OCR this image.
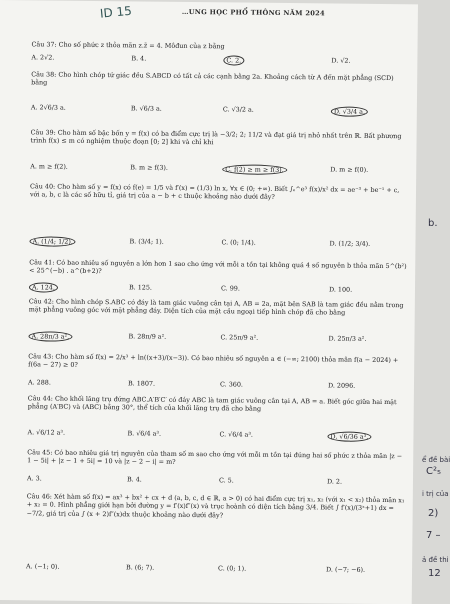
ID 15	…UNG HỌC PHỔ THÔNG NĂM 2024
Câu 37: Cho số phức z thỏa mãn z.z̄ = 4. Môđun của z bằng
A. 2√2.	B. 4.	C. 2.	D. √2.
Câu 38: Cho hình chóp tứ giác đều S.ABCD có tất cả các cạnh bằng 2a. Khoảng cách từ A đến mặt phẳng (SCD) bằng
A. 2√6/3 a.	B. √6/3 a.	C. √3/2 a.	D. √3/4 a.
Câu 39: Cho hàm số bậc bốn y = f(x) có ba điểm cực trị là −3/2; 2; 11/2 và đạt giá trị nhỏ nhất trên ℝ. Bất phương trình f(x) ≤ m có nghiệm thuộc đoạn [0; 2] khi và chỉ khi
A. m ≥ f(2).	B. m ≥ f(3).	C. f(2) ≥ m ≥ f(3).	D. m ≥ f(0).
Câu 40: Cho hàm số y = f(x) có f(e) = 1/5 và f′(x) = (1/3) ln x, ∀x ∈ (0; +∞). Biết ∫ₑ^e³ f(x)/x² dx = ae⁻³ + be⁻¹ + c, với a, b, c là các số hữu tỉ, giá trị của a − b + c thuộc khoảng nào dưới đây?
A. (1/4; 1/2).	B. (3/4; 1).	C. (0; 1/4).	D. (1/2; 3/4).
Câu 41: Có bao nhiêu số nguyên a lớn hơn 1 sao cho ứng với mỗi a tồn tại không quá 4 số nguyên b thỏa mãn 5^(b²) < 25^(−b) . a^(b+2)?
A. 124.	B. 125.	C. 99.	D. 100.
Câu 42: Cho hình chóp S.ABC có đáy là tam giác vuông cân tại A, AB = 2a, mặt bên SAB là tam giác đều nằm trong mặt phẳng vuông góc với mặt phẳng đáy. Diện tích của mặt cầu ngoại tiếp hình chóp đã cho bằng
A. 28π/3 a².	B. 28π/9 a².	C. 25π/9 a².	D. 25π/3 a².
Câu 43: Cho hàm số f(x) = 2/x³ + ln((x+3)/(x−3)). Có bao nhiêu số nguyên a ∈ (−∞; 2100) thỏa mãn f(a − 2024) + f(6a − 27) ≥ 0?
A. 288.	B. 1807.	C. 360.	D. 2096.
Câu 44: Cho khối lăng trụ đứng ABC.A′B′C′ có đáy ABC là tam giác vuông cân tại A, AB = a. Biết góc giữa hai mặt phẳng (A′BC) và (ABC) bằng 30°, thể tích của khối lăng trụ đã cho bằng
A. √6/12 a³.	B. √6/4 a³.	C. √6/4 a³.	D. √6/36 a³.
Câu 45: Có bao nhiêu giá trị nguyên của tham số m sao cho ứng với mỗi m tồn tại đúng hai số phức z thỏa mãn |z − 1 − 5i| + |z − 1 + 5i| = 10 và |z − 2 − i| = m?
A. 3.	B. 4.	C. 5.	D. 2.
Câu 46: Xét hàm số f(x) = ax³ + bx² + cx + d (a, b, c, d ∈ ℝ, a > 0) có hai điểm cực trị x₁, x₂ (với x₁ < x₂) thỏa mãn x₁ + x₂ = 0. Hình phẳng giới hạn bởi đường y = f′(x)f″(x) và trục hoành có diện tích bằng 3/4. Biết ∫ f′(x)/(3ˣ+1) dx = −7/2, giá trị của ∫ (x + 2)f″(x)dx thuộc khoảng nào dưới đây?
A. (−1; 0).	B. (6; 7).	C. (0; 1).	D. (−7; −6).
b.
ể đề bài
C²₅
i trị của
2)
7 –
ả đề thi
12
